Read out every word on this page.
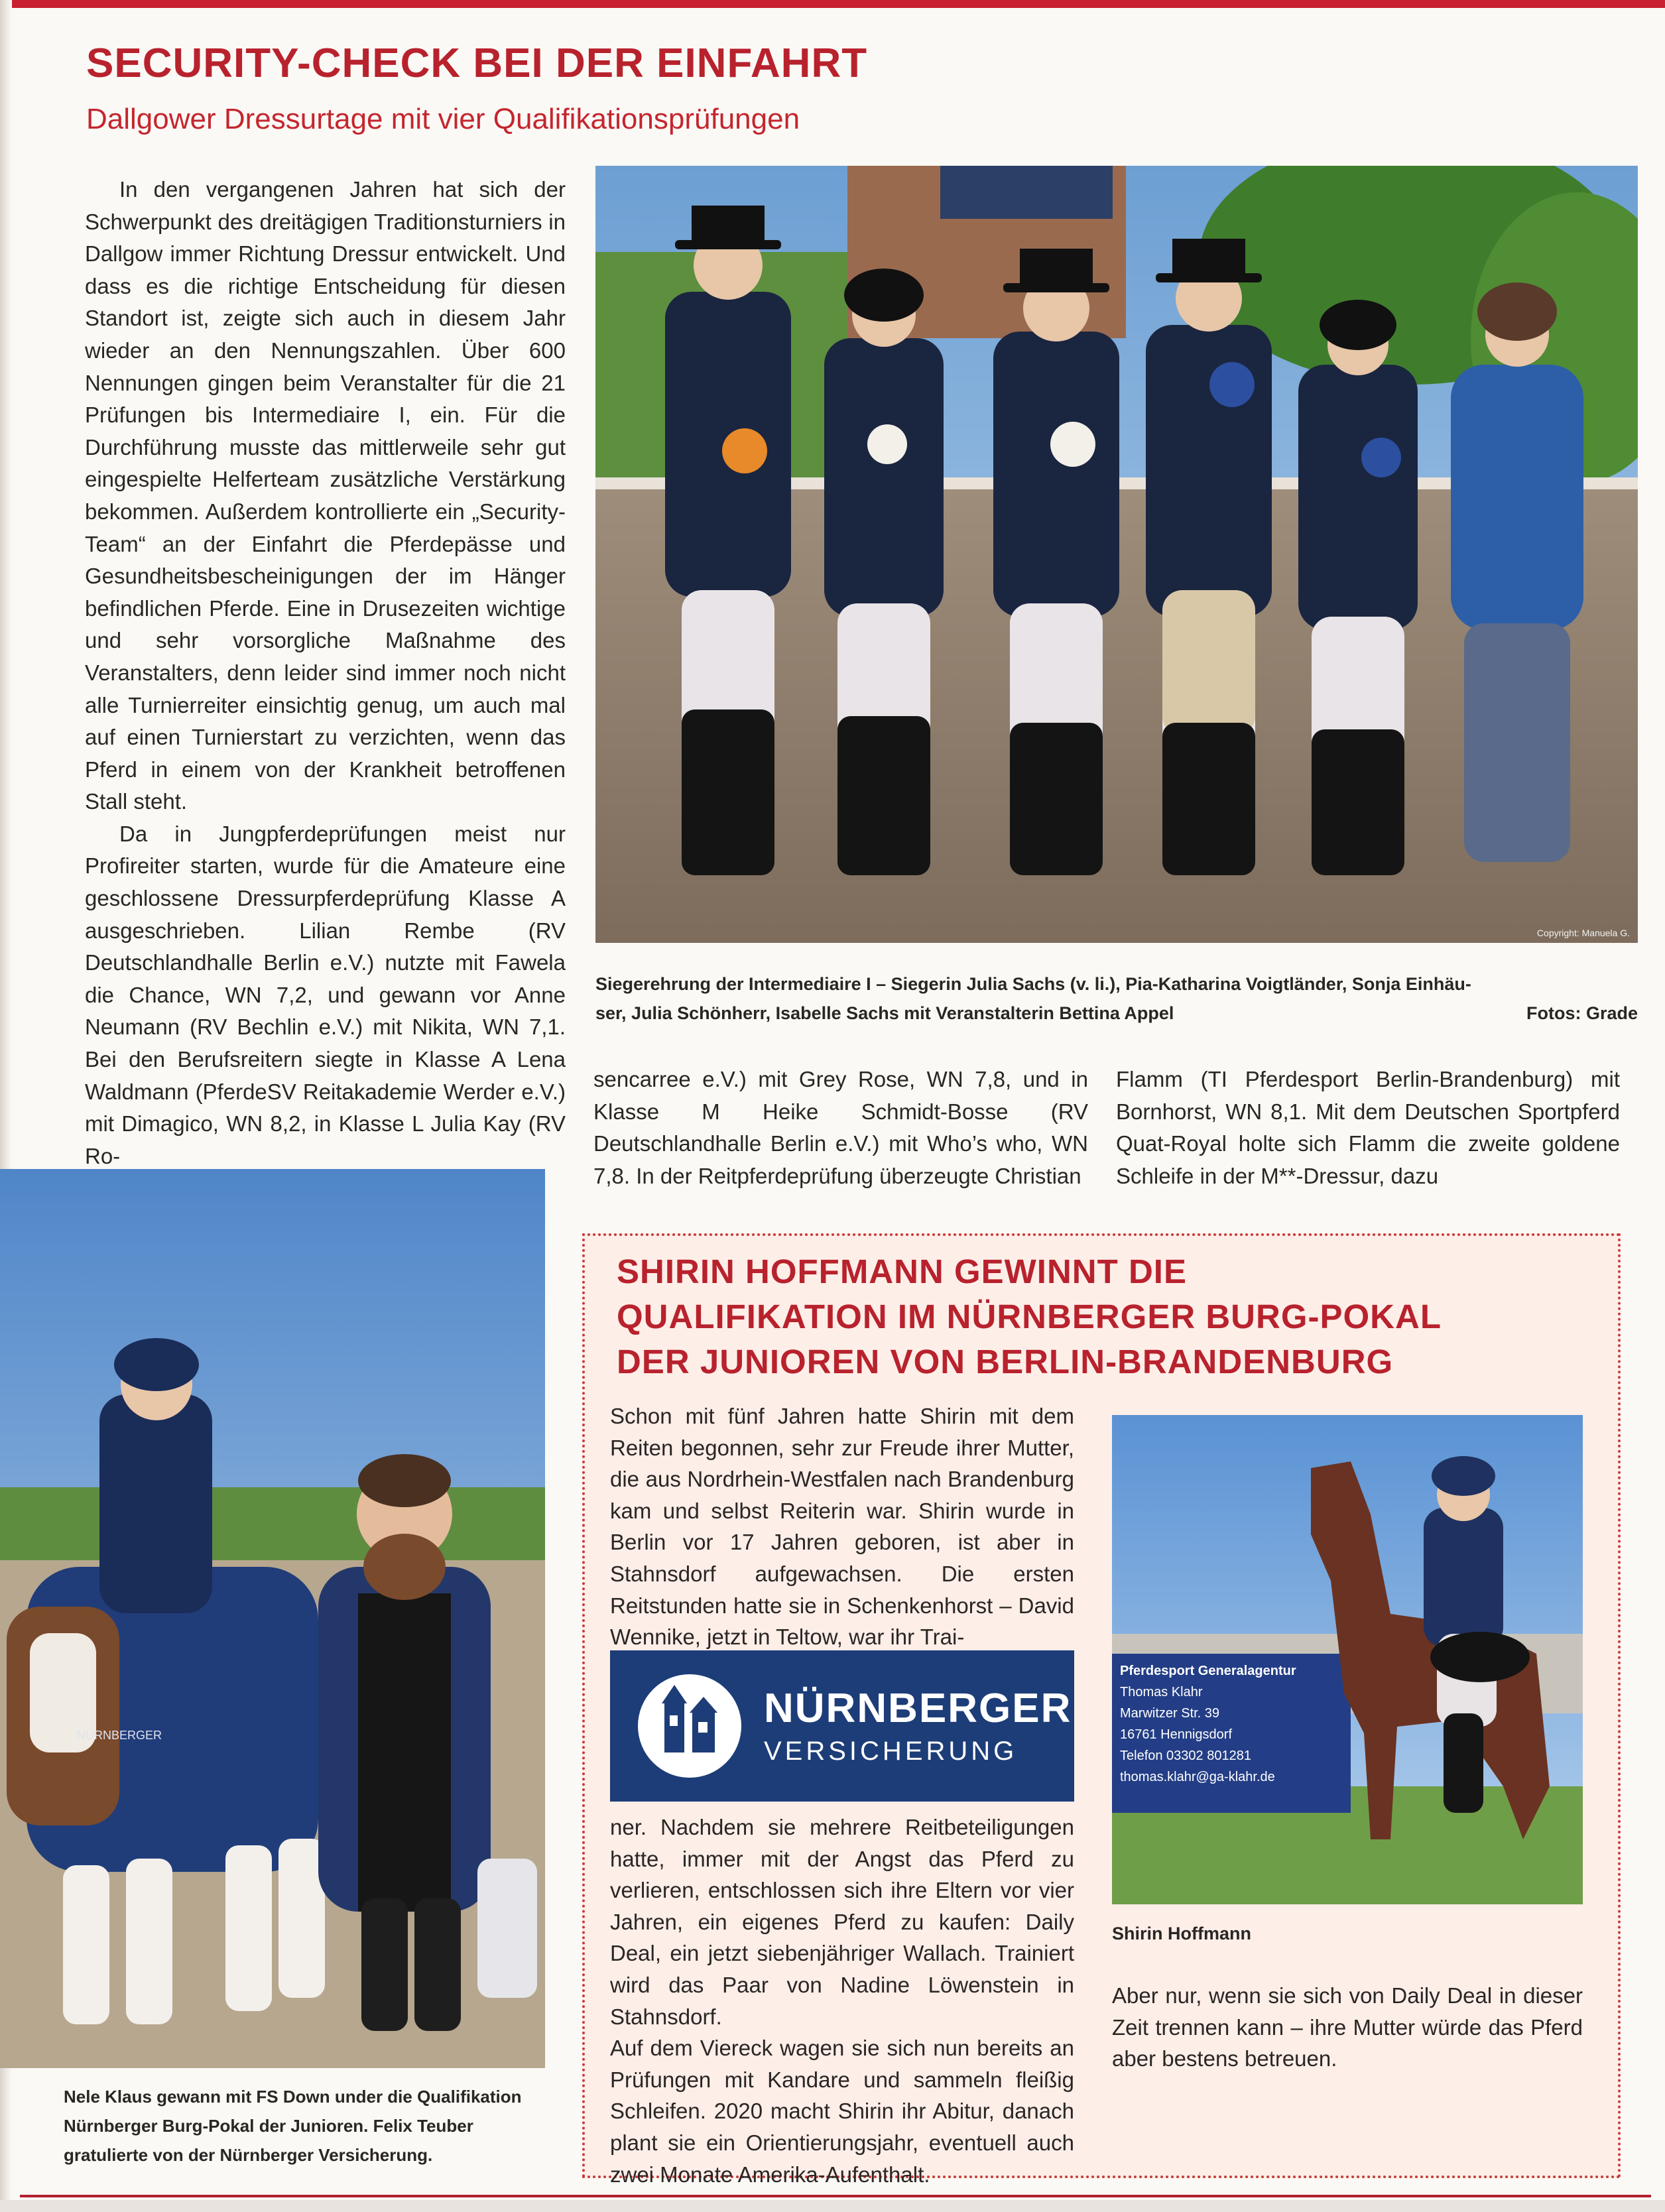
SECURITY-CHECK BEI DER EINFAHRT
Dallgower Dressurtage mit vier Qualifikationsprüfungen

In den vergangenen Jahren hat sich der Schwerpunkt des dreitägigen Traditionsturniers in Dallgow immer Richtung Dressur entwickelt. Und dass es die richtige Entscheidung für diesen Standort ist, zeigte sich auch in diesem Jahr wieder an den Nennungszahlen. Über 600 Nennungen gingen beim Veranstalter für die 21 Prüfungen bis Intermediaire I, ein. Für die Durchführung musste das mittlerweile sehr gut eingespielte Helferteam zusätzliche Verstärkung bekommen. Außerdem kontrollierte ein „Security-Team“ an der Einfahrt die Pferdepässe und Gesundheitsbescheinigungen der im Hänger befindlichen Pferde. Eine in Drusezeiten wichtige und sehr vorsorgliche Maßnahme des Veranstalters, denn leider sind immer noch nicht alle Turnierreiter einsichtig genug, um auch mal auf einen Turnierstart zu verzichten, wenn das Pferd in einem von der Krankheit betroffenen Stall steht.

Da in Jungpferdeprüfungen meist nur Profireiter starten, wurde für die Amateure eine geschlossene Dressurpferdeprüfung Klasse A ausgeschrieben. Lilian Rembe (RV Deutschlandhalle Berlin e.V.) nutzte mit Fawela die Chance, WN 7,2, und gewann vor Anne Neumann (RV Bechlin e.V.) mit Nikita, WN 7,1. Bei den Berufsreitern siegte in Klasse A Lena Waldmann (PferdeSV Reitakademie Werder e.V.) mit Dimagico, WN 8,2, in Klasse L Julia Kay (RV Ro-

Copyright: Manuela G.
Siegerehrung der Intermediaire I – Siegerin Julia Sachs (v. li.), Pia-Katharina Voigtländer, Sonja Einhäu-
ser, Julia Schönherr, Isabelle Sachs mit Veranstalterin Bettina Appel	Fotos: Grade

sencarree e.V.) mit Grey Rose, WN 7,8, und in Klasse M Heike Schmidt-Bosse (RV Deutschlandhalle Berlin e.V.) mit Who’s who, WN 7,8. In der Reitpferdeprüfung überzeugte Christian

Flamm (TI Pferdesport Berlin-Brandenburg) mit Bornhorst, WN 8,1. Mit dem Deutschen Sportpferd Quat-Royal holte sich Flamm die zweite goldene Schleife in der M**-Dressur, dazu

NÜRNBERGER
Nele Klaus gewann mit FS Down under die Qualifikation Nürnberger Burg-Pokal der Junioren. Felix Teuber gratulierte von der Nürnberger Versicherung.
SHIRIN HOFFMANN GEWINNT DIE
QUALIFIKATION IM NÜRNBERGER BURG-POKAL
DER JUNIOREN VON BERLIN-BRANDENBURG

Schon mit fünf Jahren hatte Shirin mit dem Reiten begonnen, sehr zur Freude ihrer Mutter, die aus Nordrhein-Westfalen nach Brandenburg kam und selbst Reiterin war. Shirin wurde in Berlin vor 17 Jahren geboren, ist aber in Stahnsdorf aufgewachsen. Die ersten Reitstunden hatte sie in Schenkenhorst – David Wennike, jetzt in Teltow, war ihr Trai-

NÜRNBERGER
VERSICHERUNG

ner. Nachdem sie mehrere Reitbeteiligungen hatte, immer mit der Angst das Pferd zu verlieren, entschlossen sich ihre Eltern vor vier Jahren, ein eigenes Pferd zu kaufen: Daily Deal, ein jetzt siebenjähriger Wallach. Trainiert wird das Paar von Nadine Löwenstein in Stahnsdorf.

Auf dem Viereck wagen sie sich nun bereits an Prüfungen mit Kandare und sammeln fleißig Schleifen. 2020 macht Shirin ihr Abitur, danach plant sie ein Orientierungsjahr, eventuell auch zwei Monate Amerika-Aufenthalt.

Pferdesport Generalagentur
Thomas Klahr
Marwitzer Str. 39
16761 Hennigsdorf
Telefon 03302 801281
thomas.klahr@ga-klahr.de
Shirin Hoffmann

Aber nur, wenn sie sich von Daily Deal in dieser Zeit trennen kann – ihre Mutter würde das Pferd aber bestens betreuen.
